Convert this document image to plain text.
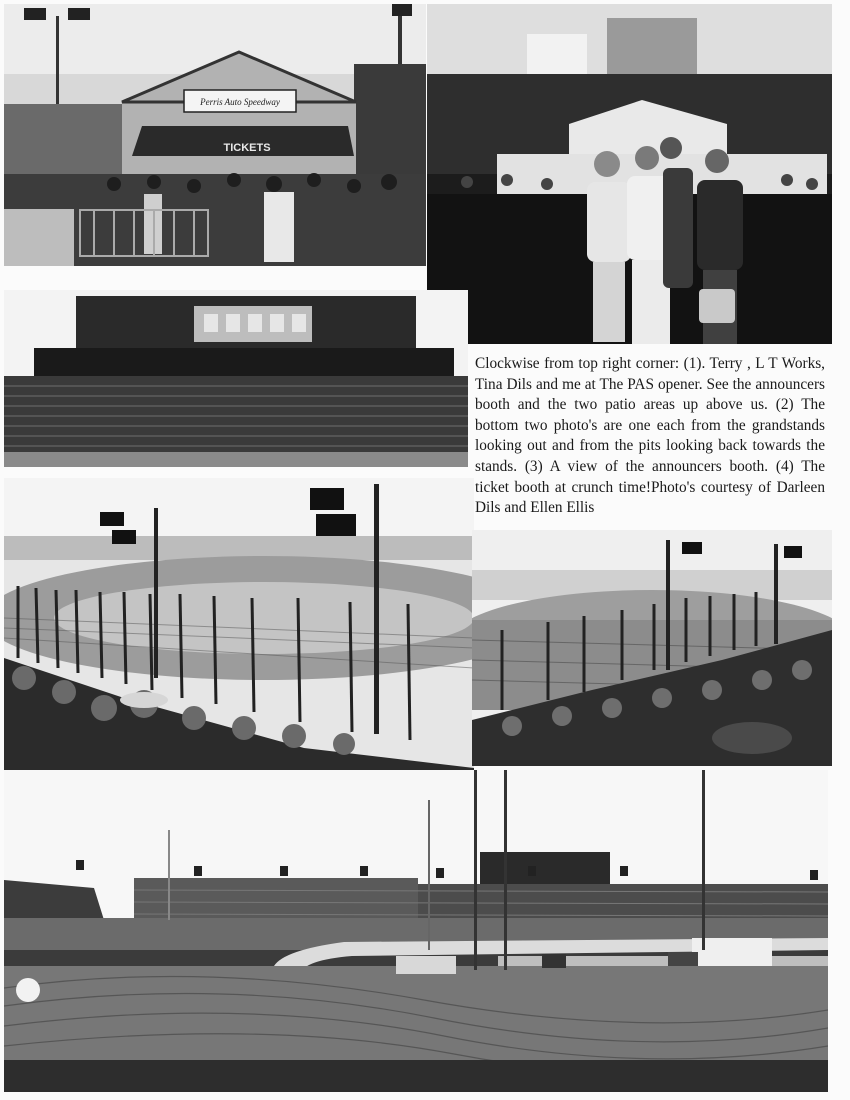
Perris Auto Speedway
TICKETS

Clockwise from top right corner: (1). Terry , L T Works, Tina Dils and me at The PAS opener. See the announcers booth and the two patio areas up above us. (2) The bottom two photo's are one each from the grandstands looking out and from the pits looking back towards the stands. (3) A view of the announcers booth. (4) The ticket booth at crunch time!Photo's courtesy of Darleen Dils and Ellen Ellis
